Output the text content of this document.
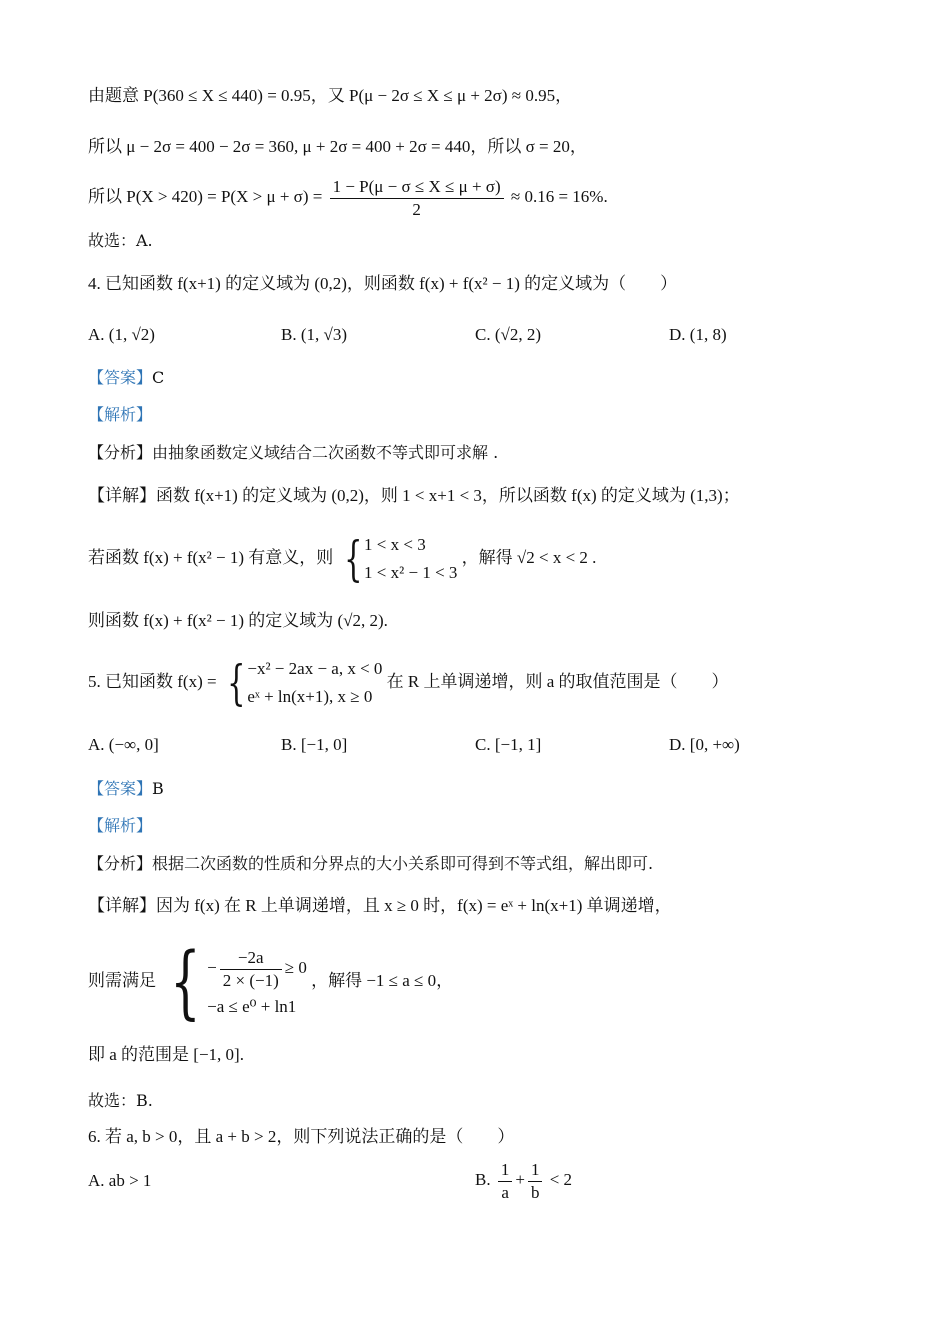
由题意 P(360 ≤ X ≤ 440) = 0.95，又 P(μ − 2σ ≤ X ≤ μ + 2σ) ≈ 0.95，
所以 μ − 2σ = 400 − 2σ = 360, μ + 2σ = 400 + 2σ = 440，所以 σ = 20，
所以 $P(X > 420) = P(X > \mu + \sigma) = \frac{1 - P(\mu - \sigma \le X \le \mu + \sigma)}{2} \approx 0.16 = 16\%$.
故选：A.
4. 已知函数 f(x+1) 的定义域为 (0,2)，则函数 f(x) + f(x² − 1) 的定义域为（　　）
A. (1, √2)	B. (1, √3)	C. (√2, 2)	D. (1, 8)
【答案】C
【解析】
【分析】由抽象函数定义域结合二次函数不等式即可求解 .
【详解】函数 f(x+1) 的定义域为 (0,2)，则 1 < x+1 < 3，所以函数 f(x) 的定义域为 (1,3)；
若函数 f(x) + f(x² − 1) 有意义，则 { 1 < x < 3
1 < x² − 1 < 3
，解得 √2 < x < 2 .
则函数 f(x) + f(x² − 1) 的定义域为 (√2, 2).
5. 已知函数 f(x) = { −x² − 2ax − a, x < 0
eˣ + ln(x+1), x ≥ 0
在 R 上单调递增，则 a 的取值范围是（　　）
A. (−∞, 0]	B. [−1, 0]	C. [−1, 1]	D. [0, +∞)
【答案】B
【解析】
【分析】根据二次函数的性质和分界点的大小关系即可得到不等式组，解出即可.
【详解】因为 f(x) 在 R 上单调递增，且 x ≥ 0 时，f(x) = eˣ + ln(x+1) 单调递增，
则需满足 { − $\frac{-2a}{2 \times (-1)} \ge 0$
−a ≤ e⁰ + ln1
，解得 −1 ≤ a ≤ 0，
即 a 的范围是 [−1, 0].
故选：B.
6. 若 a, b > 0，且 a + b > 2，则下列说法正确的是（　　）
A. ab > 1	B. $\frac{1}{a} + \frac{1}{b} < 2$
